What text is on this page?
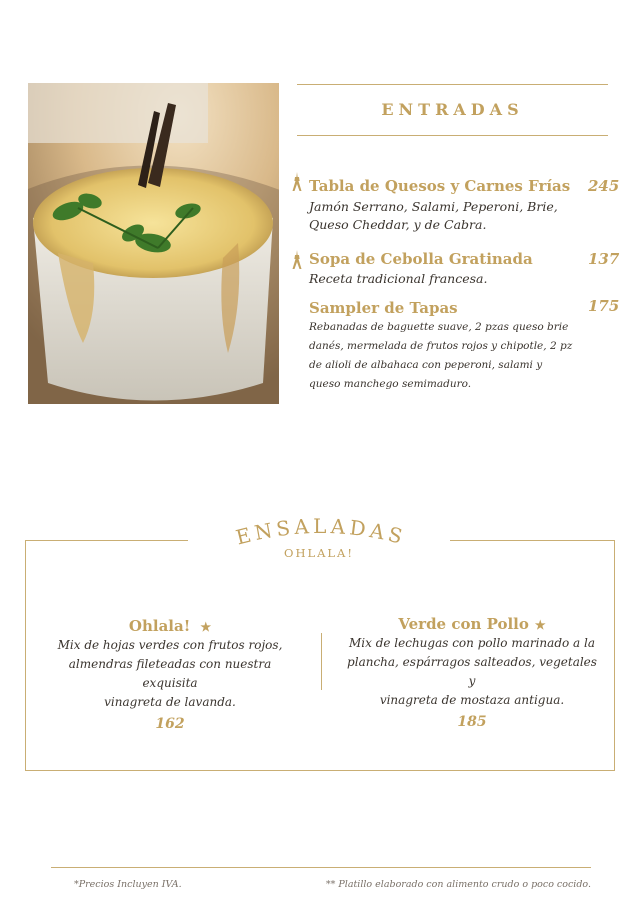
ENTRADAS
Tabla de Quesos y Carnes Frías
Jamón Serrano, Salami, Peperoni, Brie,
Queso Cheddar, y de Cabra.
245
Sopa de Cebolla Gratinada
Receta tradicional francesa.
137
Sampler de Tapas
Rebanadas de baguette suave, 2 pzas queso brie
danés, mermelada de frutos rojos y chipotle, 2 pz
de alioli de albahaca con peperoni, salami y
queso manchego semimaduro.
175
ENSALADAS
OHLALA!
Ohlala! ★
Mix de hojas verdes con frutos rojos,
almendras fileteadas con nuestra exquisita
vinagreta de lavanda.
162
Verde con Pollo ★
Mix de lechugas con pollo marinado a la
plancha, espárragos salteados, vegetales y
vinagreta de mostaza antigua.
185
*Precios Incluyen IVA.	** Platillo elaborado con alimento crudo o poco cocido.
